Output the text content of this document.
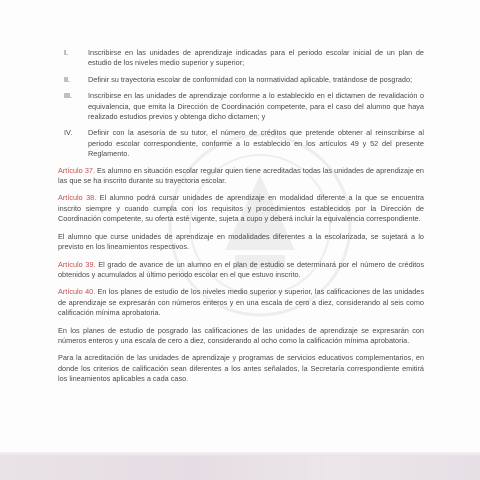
I.	Inscribirse en las unidades de aprendizaje indicadas para el periodo escolar inicial de un plan de estudio de los niveles medio superior y superior;
II.	Definir su trayectoria escolar de conformidad con la normatividad aplicable, tratándose de posgrado;
III.	Inscribirse en las unidades de aprendizaje conforme a lo establecido en el dictamen de revalidación o equivalencia, que emita la Dirección de Coordinación competente, para el caso del alumno que haya realizado estudios previos y obtenga dicho dictamen; y
IV.	Definir con la asesoría de su tutor, el número de créditos que pretende obtener al reinscribirse al periodo escolar correspondiente, conforme a lo establecido en los artículos 49 y 52 del presente Reglamento.

Artículo 37. Es alumno en situación escolar regular quien tiene acreditadas todas las unidades de aprendizaje en las que se ha inscrito durante su trayectoria escolar.

Artículo 38. El alumno podrá cursar unidades de aprendizaje en modalidad diferente a la que se encuentra inscrito siempre y cuando cumpla con los requisitos y procedimientos establecidos por la Dirección de Coordinación competente, su oferta esté vigente, sujeta a cupo y deberá incluir la equivalencia correspondiente.

El alumno que curse unidades de aprendizaje en modalidades diferentes a la escolarizada, se sujetará a lo previsto en los lineamientos respectivos.

Artículo 39. El grado de avance de un alumno en el plan de estudio se determinará por el número de créditos obtenidos y acumulados al último periodo escolar en el que estuvo inscrito.

Artículo 40. En los planes de estudio de los niveles medio superior y superior, las calificaciones de las unidades de aprendizaje se expresarán con números enteros y en una escala de cero a diez, considerando al seis como calificación mínima aprobatoria.

En los planes de estudio de posgrado las calificaciones de las unidades de aprendizaje se expresarán con números enteros y una escala de cero a diez, considerando al ocho como la calificación mínima aprobatoria.

Para la acreditación de las unidades de aprendizaje y programas de servicios educativos complementarios, en donde los criterios de calificación sean diferentes a los antes señalados, la Secretaría correspondiente emitirá los lineamientos aplicables a cada caso.
